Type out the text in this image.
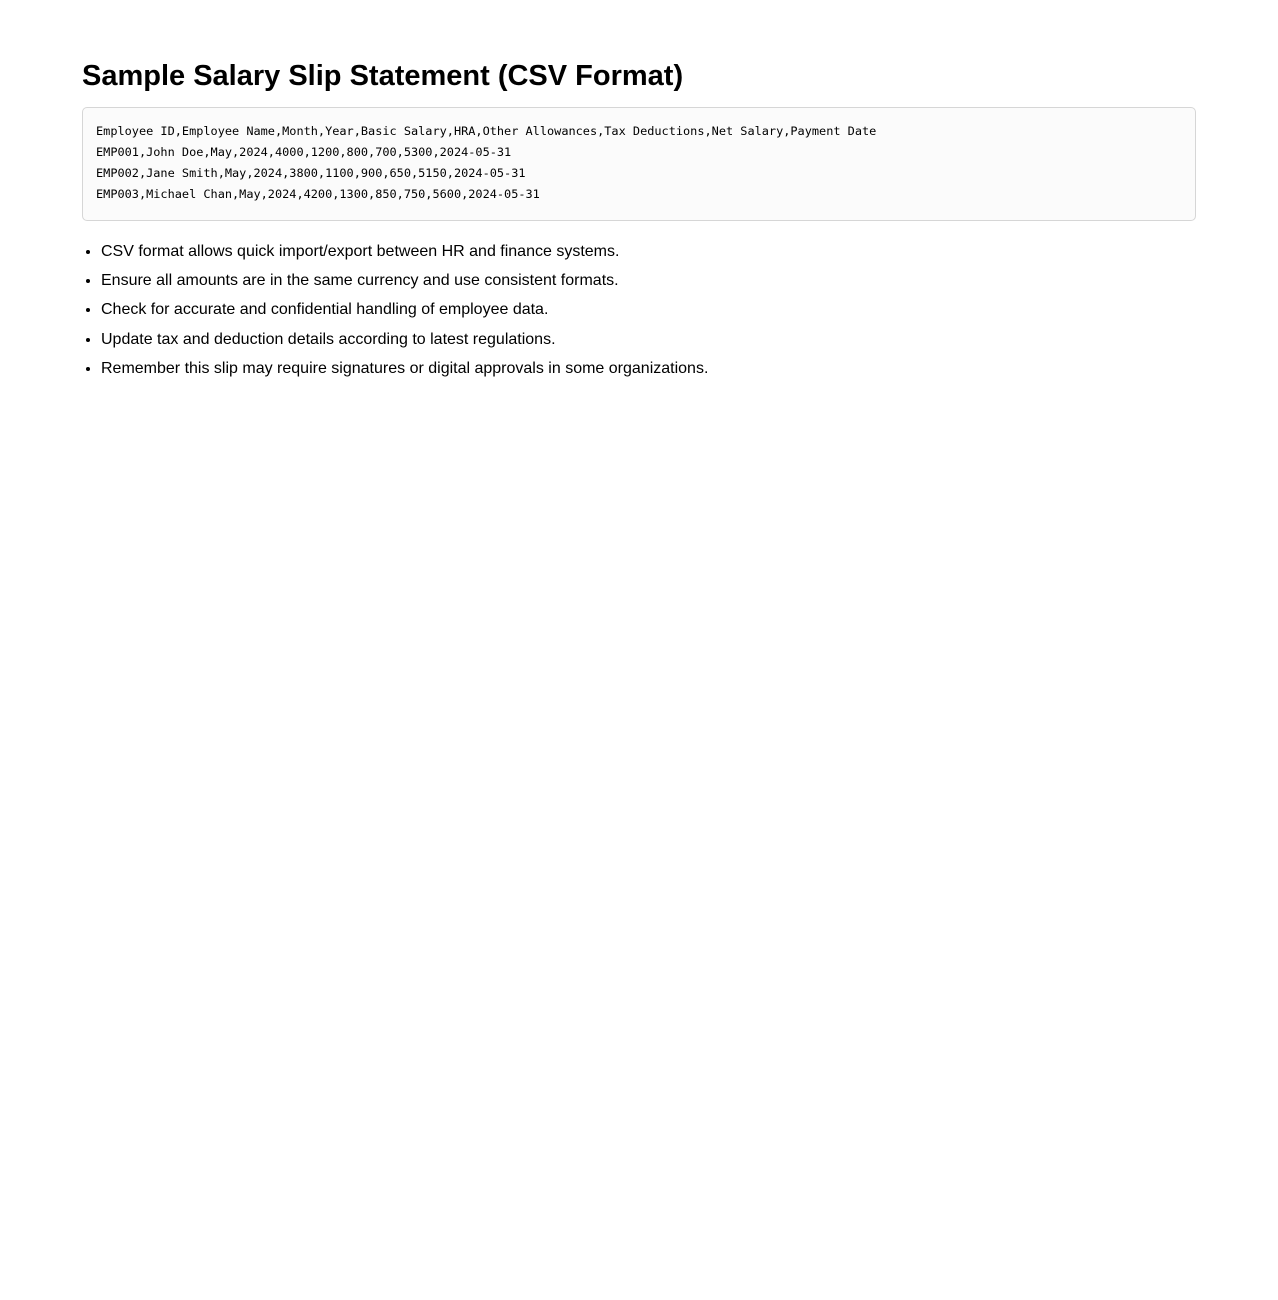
Sample Salary Slip Statement (CSV Format)
Employee ID,Employee Name,Month,Year,Basic Salary,HRA,Other Allowances,Tax Deductions,Net Salary,Payment Date
EMP001,John Doe,May,2024,4000,1200,800,700,5300,2024-05-31
EMP002,Jane Smith,May,2024,3800,1100,900,650,5150,2024-05-31
EMP003,Michael Chan,May,2024,4200,1300,850,750,5600,2024-05-31
• CSV format allows quick import/export between HR and finance systems.
• Ensure all amounts are in the same currency and use consistent formats.
• Check for accurate and confidential handling of employee data.
• Update tax and deduction details according to latest regulations.
• Remember this slip may require signatures or digital approvals in some organizations.
